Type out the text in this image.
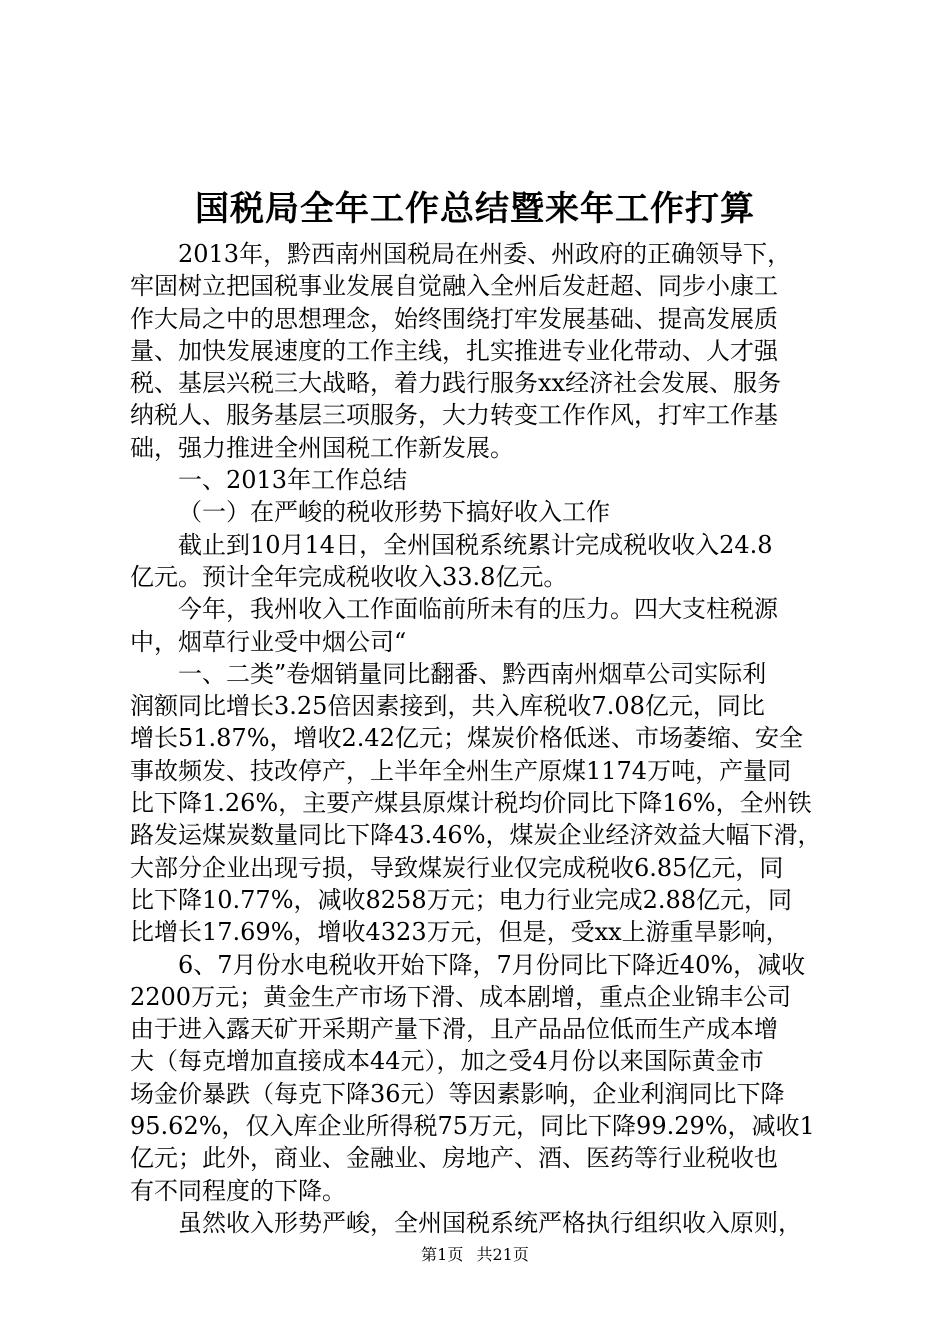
国税局全年工作总结暨来年工作打算
2013年，黔西南州国税局在州委、州政府的正确领导下，
牢固树立把国税事业发展自觉融入全州后发赶超、同步小康工
作大局之中的思想理念，始终围绕打牢发展基础、提高发展质
量、加快发展速度的工作主线，扎实推进专业化带动、人才强
税、基层兴税三大战略，着力践行服务xx经济社会发展、服务
纳税人、服务基层三项服务，大力转变工作作风，打牢工作基
础，强力推进全州国税工作新发展。
一、2013年工作总结
（一）在严峻的税收形势下搞好收入工作
截止到10月14日，全州国税系统累计完成税收收入24.8
亿元。预计全年完成税收收入33.8亿元。
今年，我州收入工作面临前所未有的压力。四大支柱税源
中，烟草行业受中烟公司“
一、二类”卷烟销量同比翻番、黔西南州烟草公司实际利
润额同比增长3.25倍因素接到，共入库税收7.08亿元，同比
增长51.87%，增收2.42亿元；煤炭价格低迷、市场萎缩、安全
事故频发、技改停产，上半年全州生产原煤1174万吨，产量同
比下降1.26%，主要产煤县原煤计税均价同比下降16%，全州铁
路发运煤炭数量同比下降43.46%，煤炭企业经济效益大幅下滑，
大部分企业出现亏损，导致煤炭行业仅完成税收6.85亿元，同
比下降10.77%，减收8258万元；电力行业完成2.88亿元，同
比增长17.69%，增收4323万元，但是，受xx上游重旱影响，
6、7月份水电税收开始下降，7月份同比下降近40%，减收
2200万元；黄金生产市场下滑、成本剧增，重点企业锦丰公司
由于进入露天矿开采期产量下滑，且产品品位低而生产成本增
大（每克增加直接成本44元），加之受4月份以来国际黄金市
场金价暴跌（每克下降36元）等因素影响，企业利润同比下降
95.62%，仅入库企业所得税75万元，同比下降99.29%，减收1
亿元；此外，商业、金融业、房地产、酒、医药等行业税收也
有不同程度的下降。
虽然收入形势严峻，全州国税系统严格执行组织收入原则，
第1页 共21页
